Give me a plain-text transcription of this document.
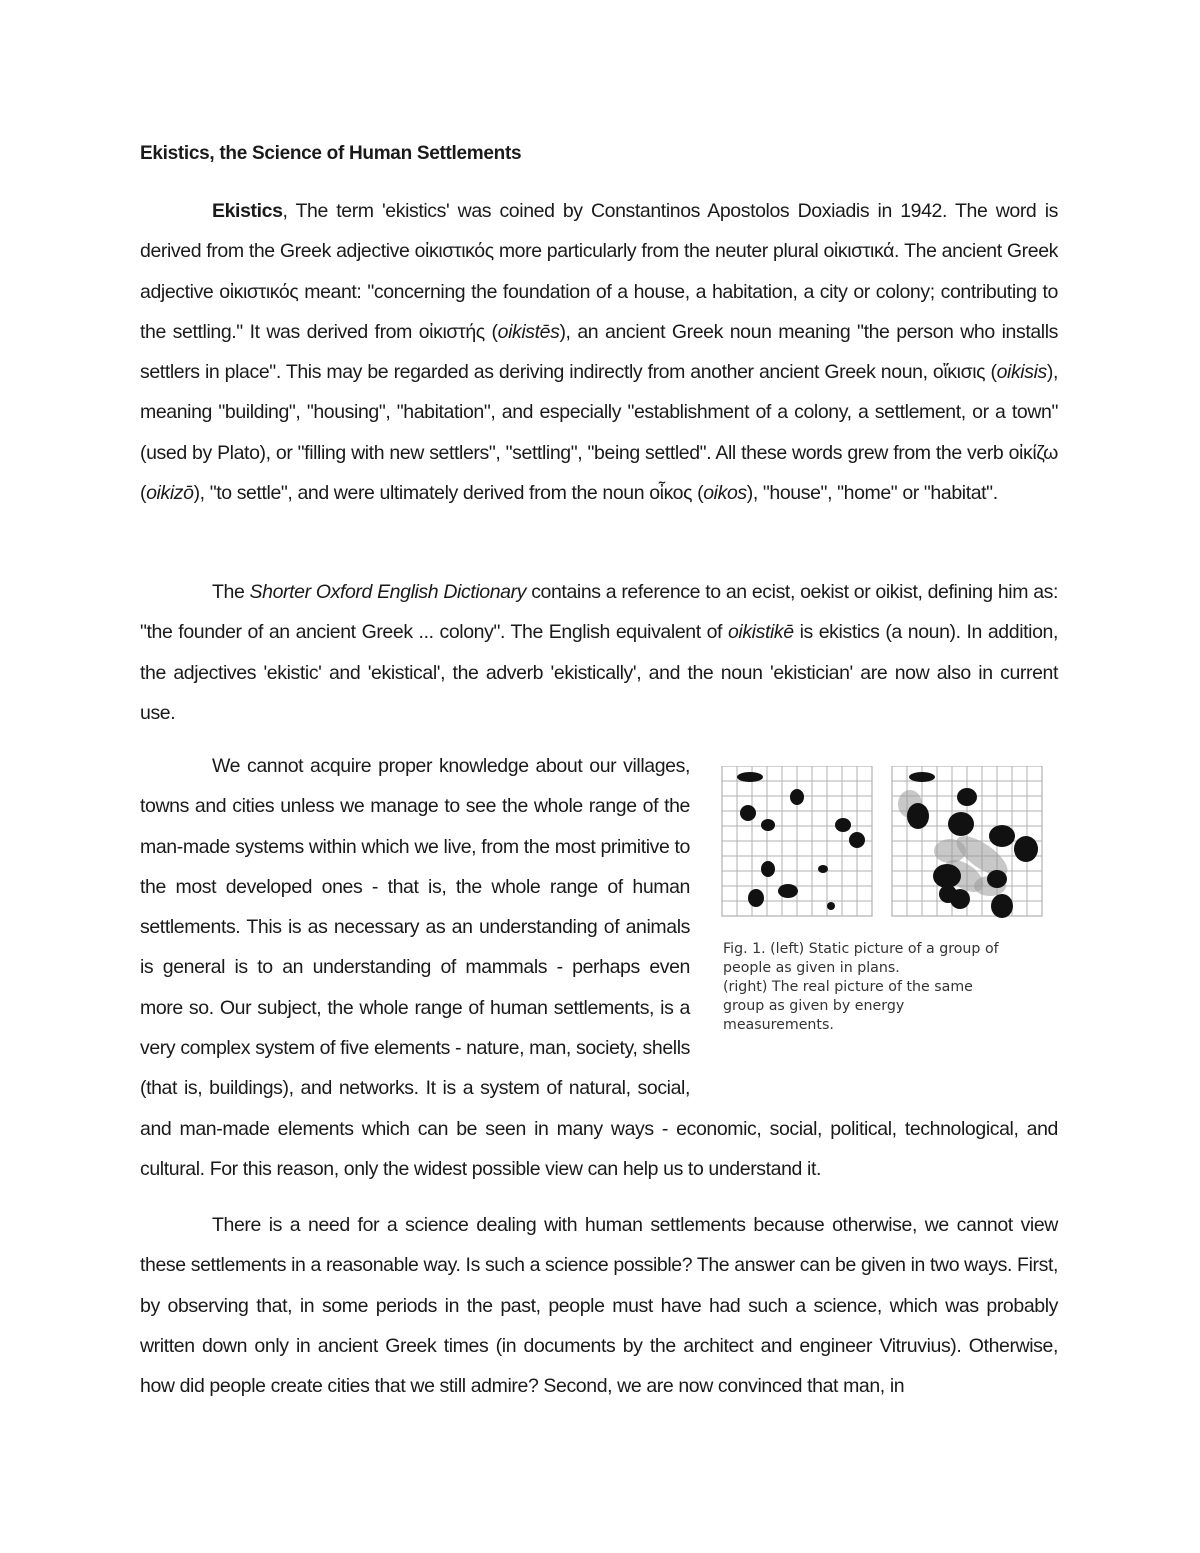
Ekistics, the Science of Human Settlements

Ekistics, The term 'ekistics' was coined by Constantinos Apostolos Doxiadis in 1942. The word is derived from the Greek adjective οἰκιστικός more particularly from the neuter plural οἰκιστικά. The ancient Greek adjective οἰκιστικός meant: "concerning the foundation of a house, a habitation, a city or colony; contributing to the settling." It was derived from οἰκιστής (oikistēs), an ancient Greek noun meaning "the person who installs settlers in place". This may be regarded as deriving indirectly from another ancient Greek noun, οἴκισις (oikisis), meaning "building", "housing", "habitation", and especially "establishment of a colony, a settlement, or a town" (used by Plato), or "filling with new settlers", "settling", "being settled". All these words grew from the verb οἰκίζω (oikizō), "to settle", and were ultimately derived from the noun οἶκος (oikos), "house", "home" or "habitat".

The Shorter Oxford English Dictionary contains a reference to an ecist, oekist or oikist, defining him as: "the founder of an ancient Greek ... colony". The English equivalent of oikistikē is ekistics (a noun). In addition, the adjectives 'ekistic' and 'ekistical', the adverb 'ekistically', and the noun 'ekistician' are now also in current use.

Fig. 1. (left) Static picture of a group of
people as given in plans.
(right) The real picture of the same
group as given by energy
measurements.
We cannot acquire proper knowledge about our villages, towns and cities unless we manage to see the whole range of the man-made systems within which we live, from the most primitive to the most developed ones - that is, the whole range of human settlements. This is as necessary as an understanding of animals is general is to an understanding of mammals - perhaps even more so. Our subject, the whole range of human settlements, is a very complex system of five elements - nature, man, society, shells (that is, buildings), and networks. It is a system of natural, social, and man-made elements which can be seen in many ways - economic, social, political, technological, and cultural. For this reason, only the widest possible view can help us to understand it.

There is a need for a science dealing with human settlements because otherwise, we cannot view these settlements in a reasonable way. Is such a science possible? The answer can be given in two ways. First, by observing that, in some periods in the past, people must have had such a science, which was probably written down only in ancient Greek times (in documents by the architect and engineer Vitruvius). Otherwise, how did people create cities that we still admire? Second, we are now convinced that man, in
